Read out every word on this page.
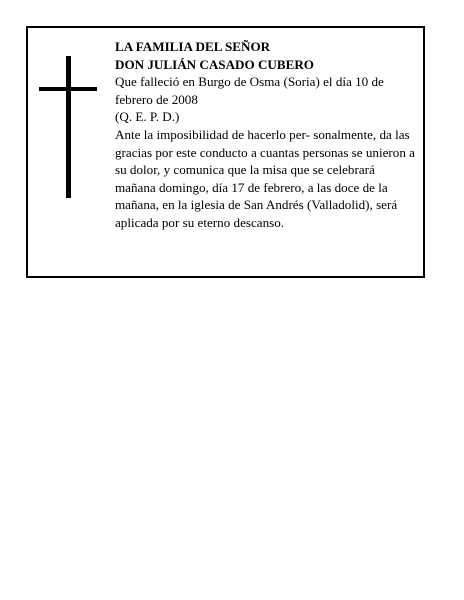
LA FAMILIA DEL SEÑOR
DON JULIÁN CASADO CUBERO
Que falleció en Burgo de Osma (Soria) el día 10 de febrero de 2008
(Q. E. P. D.)
Ante la imposibilidad de hacerlo per- sonalmente, da las gracias por este conducto a cuantas personas se unieron a su dolor, y comunica que la misa que se celebrará mañana domingo, día 17 de febrero, a las doce de la mañana, en la iglesia de San Andrés (Valladolid), será aplicada por su eterno descanso.
